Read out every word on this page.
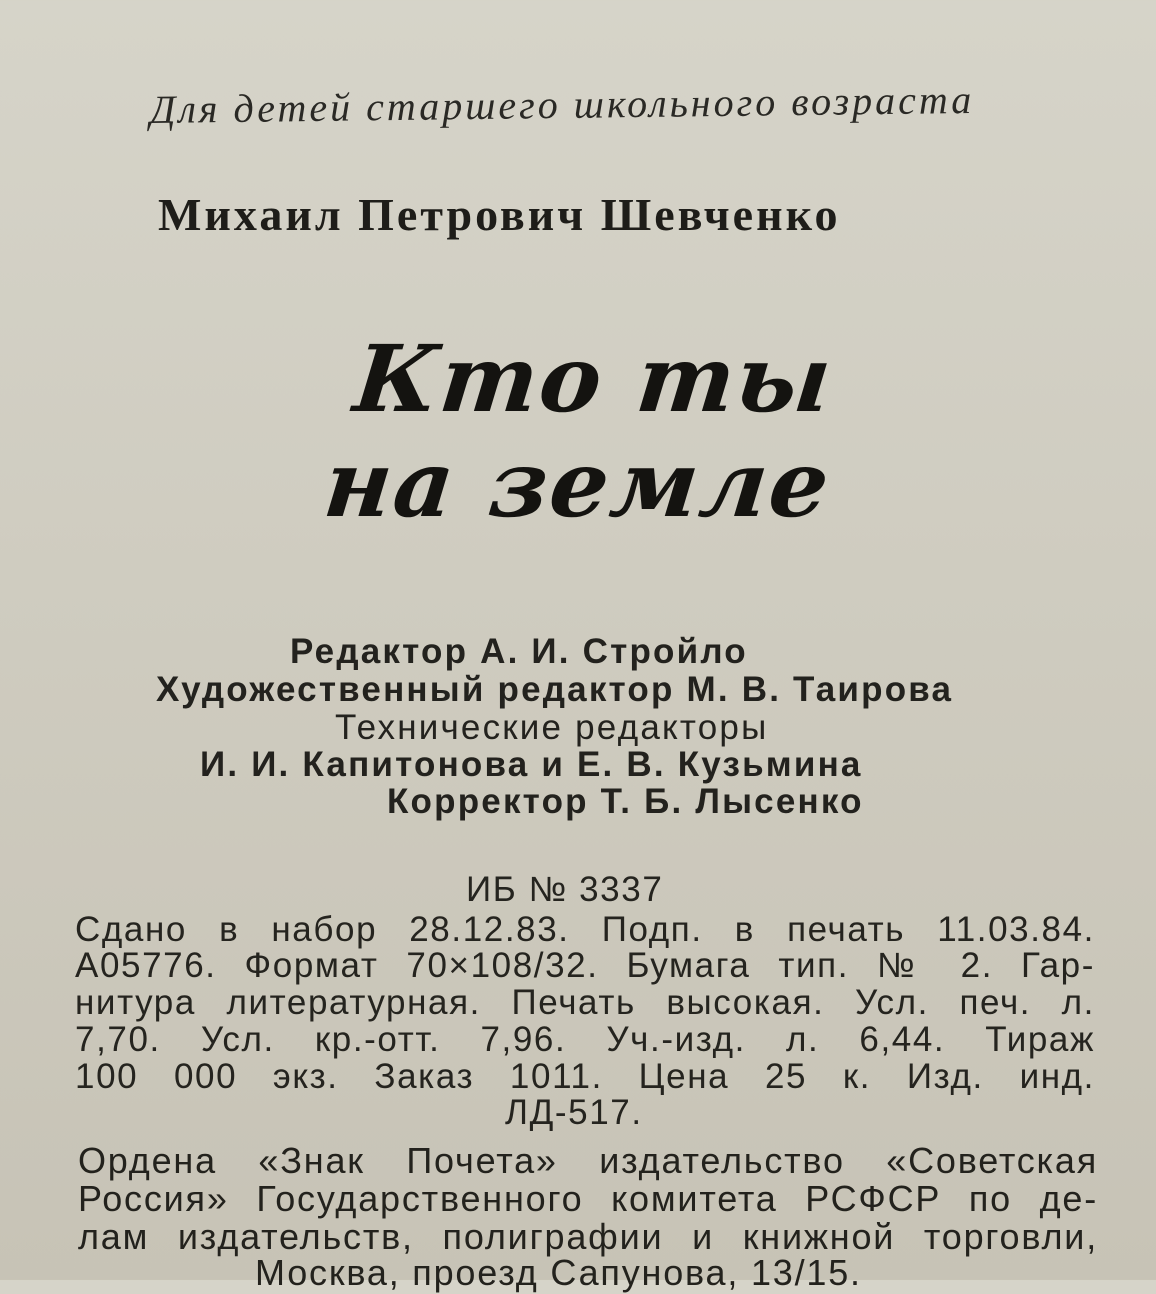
Для детей старшего школьного возраста
Михаил Петрович Шевченко
Кто ты
на земле
Редактор А. И. Стройло
Художественный редактор М. В. Таирова
Технические редакторы
И. И. Капитонова и Е. В. Кузьмина
Корректор Т. Б. Лысенко
ИБ № 3337
Сдано в набор 28.12.83. Подп. в печать 11.03.84.
А05776. Формат 70×108/32. Бумага тип. № 2. Гар-
нитура литературная. Печать высокая. Усл. печ. л.
7,70. Усл. кр.-отт. 7,96. Уч.-изд. л. 6,44. Тираж
100 000 экз. Заказ 1011. Цена 25 к. Изд. инд.
ЛД-517.
Ордена «Знак Почета» издательство «Советская
Россия» Государственного комитета РСФСР по де-
лам издательств, полиграфии и книжной торговли,
Москва, проезд Сапунова, 13/15.
